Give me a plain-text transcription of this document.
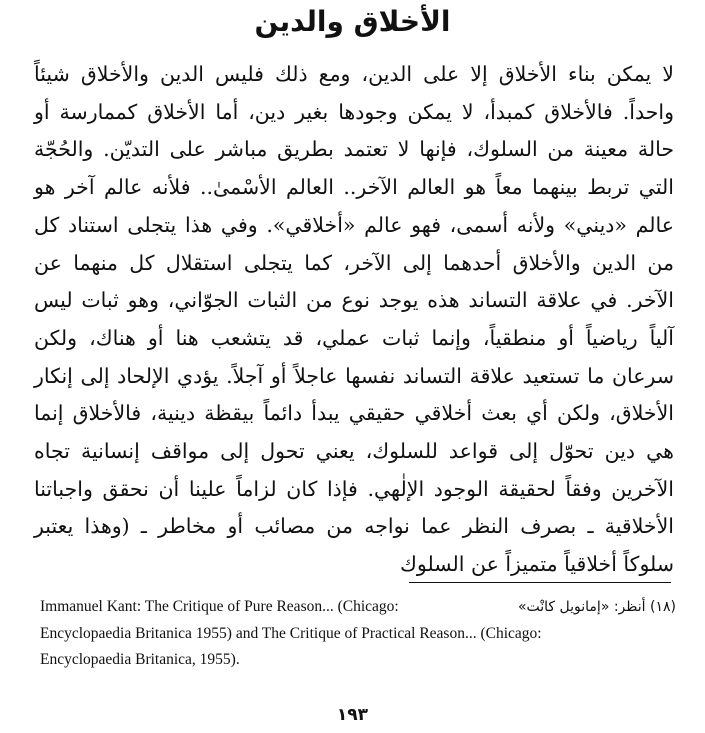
الأخلاق والدين

لا يمكن بناء الأخلاق إلا على الدين، ومع ذلك فليس الدين والأخلاق شيئاً واحداً. فالأخلاق كمبدأ، لا يمكن وجودها بغير دين، أما الأخلاق كممارسة أو حالة معينة من السلوك، فإنها لا تعتمد بطريق مباشر على التديّن. والحُجّة التي تربط بينهما معاً هو العالم الآخر.. العالم الأسْمىٰ.. فلأنه عالم آخر هو عالم «ديني» ولأنه أسمى، فهو عالم «أخلاقي». وفي هذا يتجلى استناد كل من الدين والأخلاق أحدهما إلى الآخر، كما يتجلى استقلال كل منهما عن الآخر. في علاقة التساند هذه يوجد نوع من الثبات الجوّاني، وهو ثبات ليس آلياً رياضياً أو منطقياً، وإنما ثبات عملي، قد يتشعب هنا أو هناك، ولكن سرعان ما تستعيد علاقة التساند نفسها عاجلاً أو آجلاً. يؤدي الإلحاد إلى إنكار الأخلاق، ولكن أي بعث أخلاقي حقيقي يبدأ دائماً بيقظة دينية، فالأخلاق إنما هي دين تحوّل إلى قواعد للسلوك، يعني تحول إلى مواقف إنسانية تجاه الآخرين وفقاً لحقيقة الوجود الإلٰهي. فإذا كان لزاماً علينا أن نحقق واجباتنا الأخلاقية ـ بصرف النظر عما نواجه من مصائب أو مخاطر ـ (وهذا يعتبر سلوكاً أخلاقياً متميزاً عن السلوك

Immanuel Kant: The Critique of Pure Reason... (Chicago:	(١٨) أنظر: «إمانويل كانْت»
Encyclopaedia Britanica 1955) and The Critique of Practical Reason... (Chicago:
Encyclopaedia Britanica, 1955).
١٩٣
